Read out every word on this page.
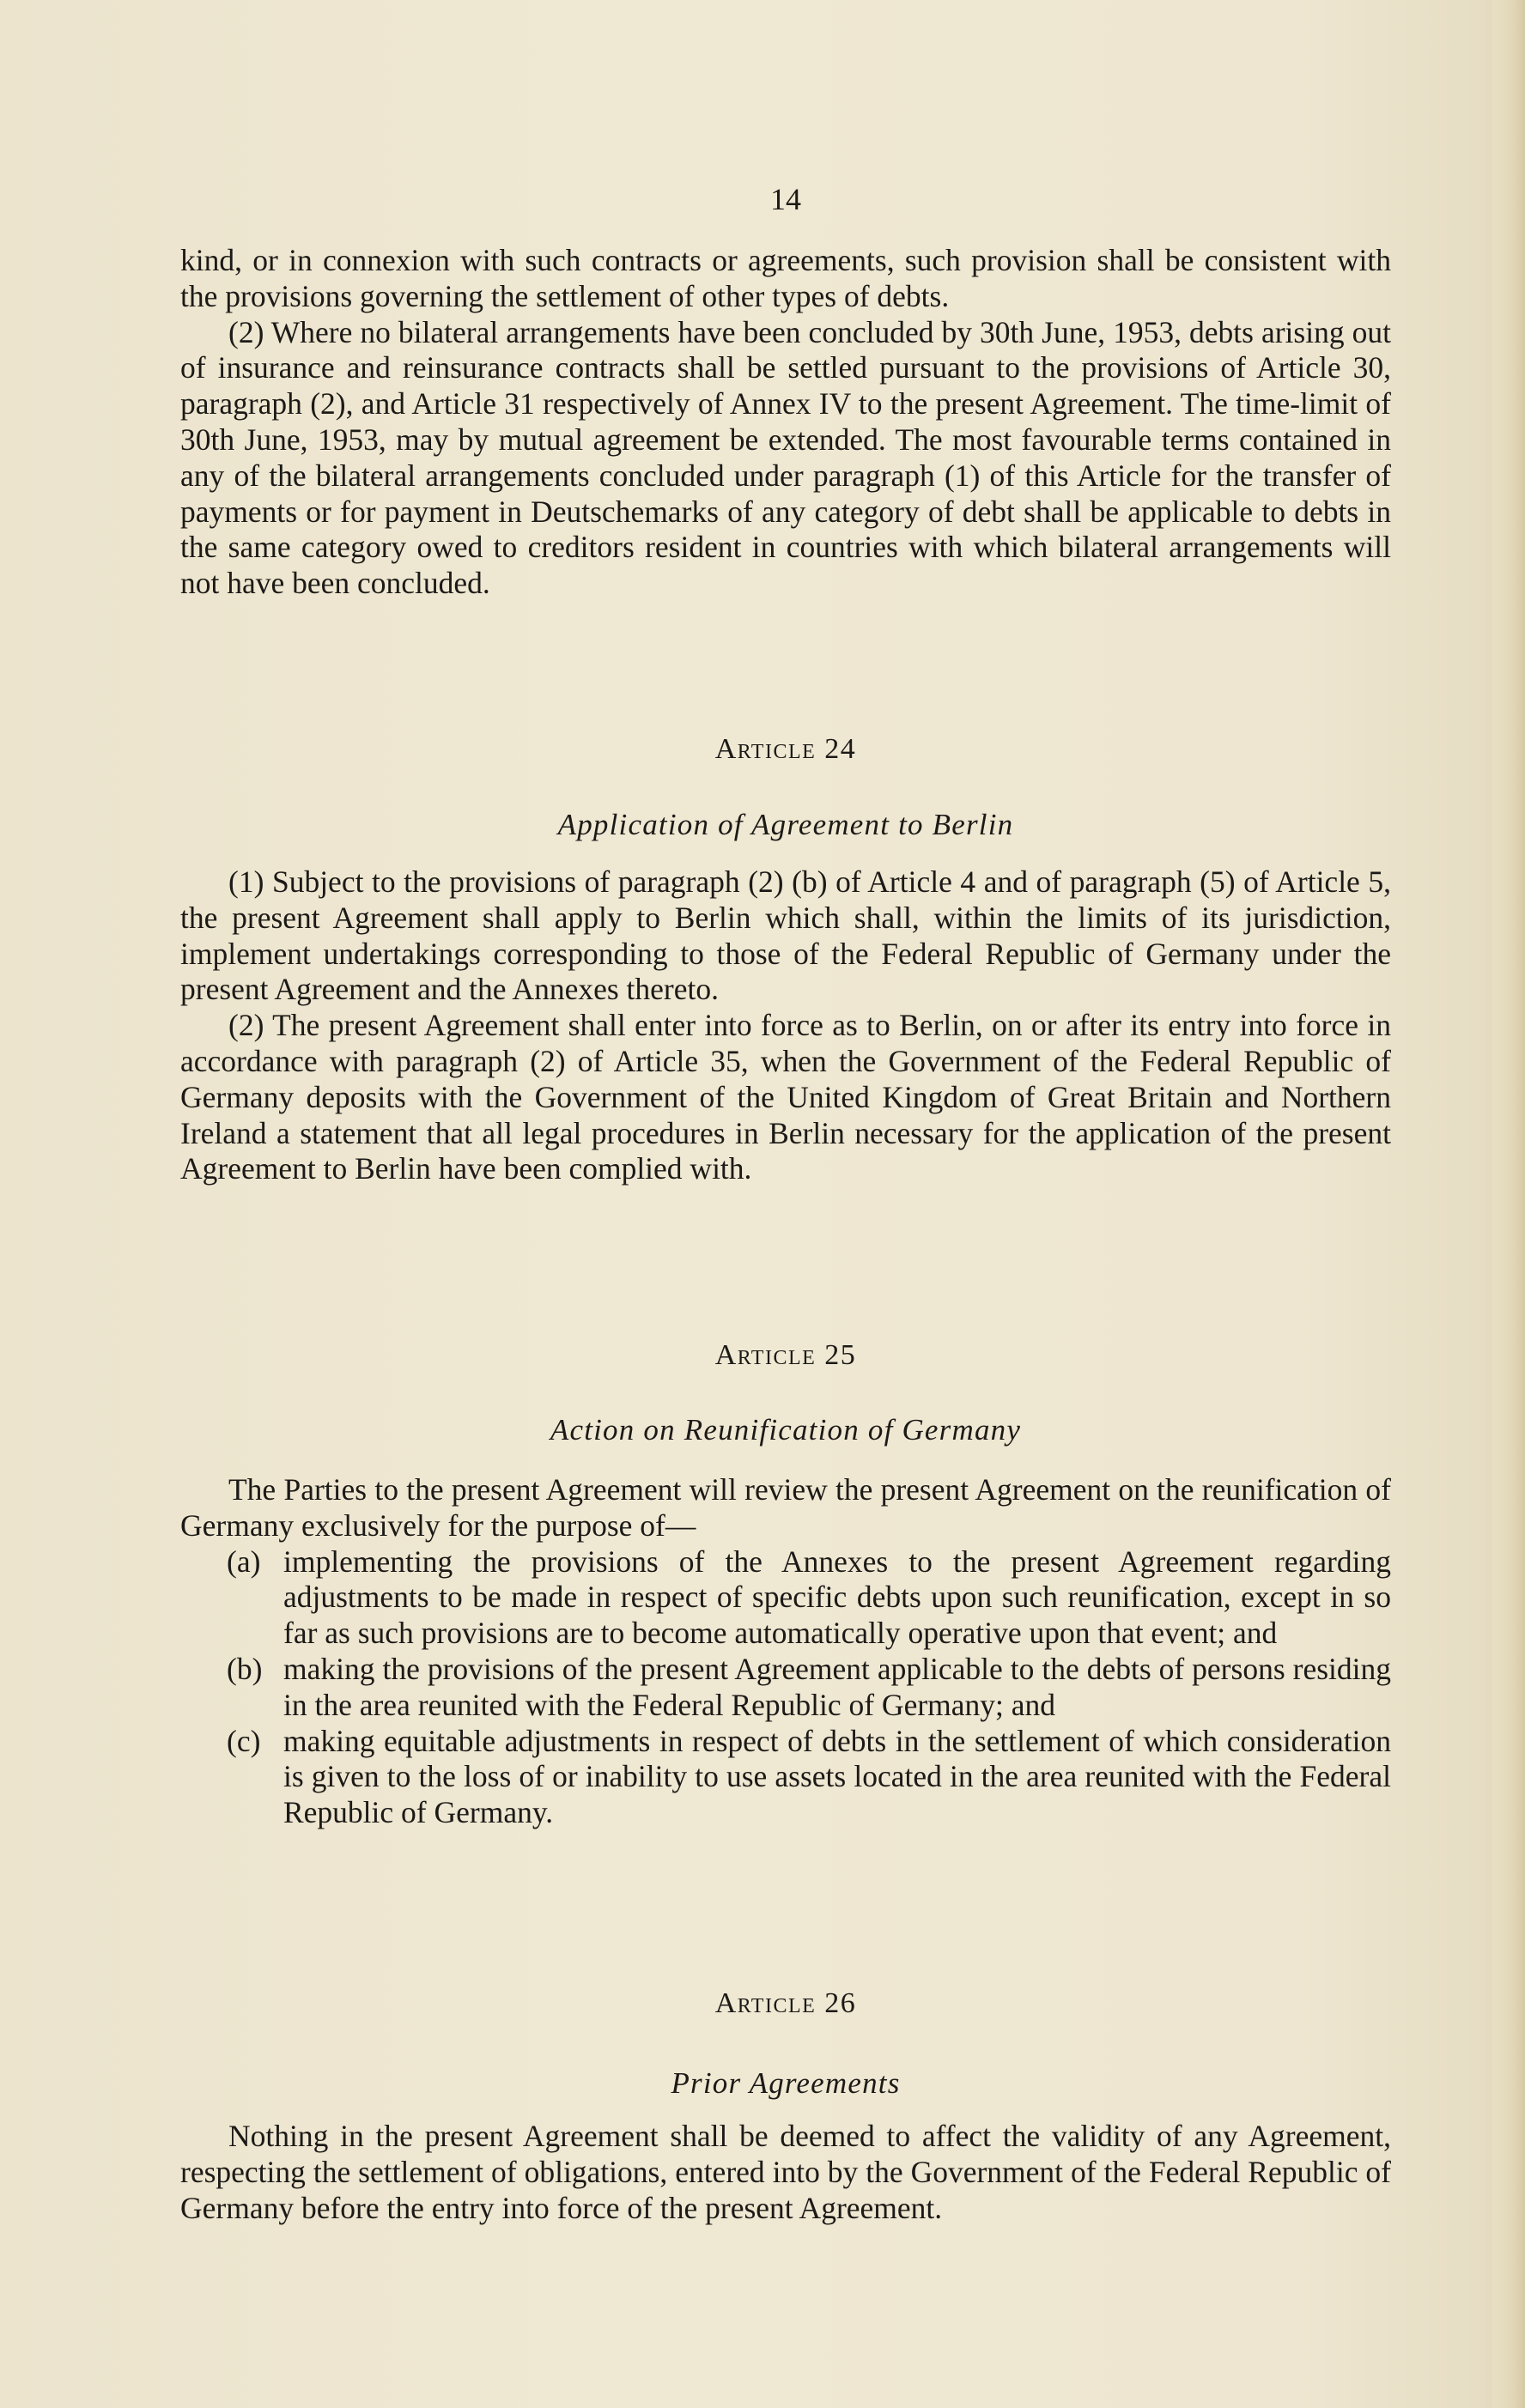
14

kind, or in connexion with such contracts or agreements, such provision shall be consistent with the provisions governing the settlement of other types of debts.

(2) Where no bilateral arrangements have been concluded by 30th June, 1953, debts arising out of insurance and reinsurance contracts shall be settled pursuant to the provisions of Article 30, paragraph (2), and Article 31 respectively of Annex IV to the present Agreement. The time-limit of 30th June, 1953, may by mutual agreement be extended. The most favourable terms contained in any of the bilateral arrangements concluded under paragraph (1) of this Article for the transfer of payments or for payment in Deutschemarks of any category of debt shall be applicable to debts in the same category owed to creditors resident in countries with which bilateral arrangements will not have been concluded.

Article 24
Application of Agreement to Berlin

(1) Subject to the provisions of paragraph (2) (b) of Article 4 and of paragraph (5) of Article 5, the present Agreement shall apply to Berlin which shall, within the limits of its jurisdiction, implement undertakings corresponding to those of the Federal Republic of Germany under the present Agreement and the Annexes thereto.

(2) The present Agreement shall enter into force as to Berlin, on or after its entry into force in accordance with paragraph (2) of Article 35, when the Government of the Federal Republic of Germany deposits with the Government of the United Kingdom of Great Britain and Northern Ireland a statement that all legal procedures in Berlin necessary for the application of the present Agreement to Berlin have been complied with.

Article 25
Action on Reunification of Germany

The Parties to the present Agreement will review the present Agreement on the reunification of Germany exclusively for the purpose of—

(a) implementing the provisions of the Annexes to the present Agreement regarding adjustments to be made in respect of specific debts upon such reunification, except in so far as such provisions are to become automatically operative upon that event; and

(b) making the provisions of the present Agreement applicable to the debts of persons residing in the area reunited with the Federal Republic of Germany; and

(c) making equitable adjustments in respect of debts in the settlement of which consideration is given to the loss of or inability to use assets located in the area reunited with the Federal Republic of Germany.

Article 26
Prior Agreements

Nothing in the present Agreement shall be deemed to affect the validity of any Agreement, respecting the settlement of obligations, entered into by the Government of the Federal Republic of Germany before the entry into force of the present Agreement.
